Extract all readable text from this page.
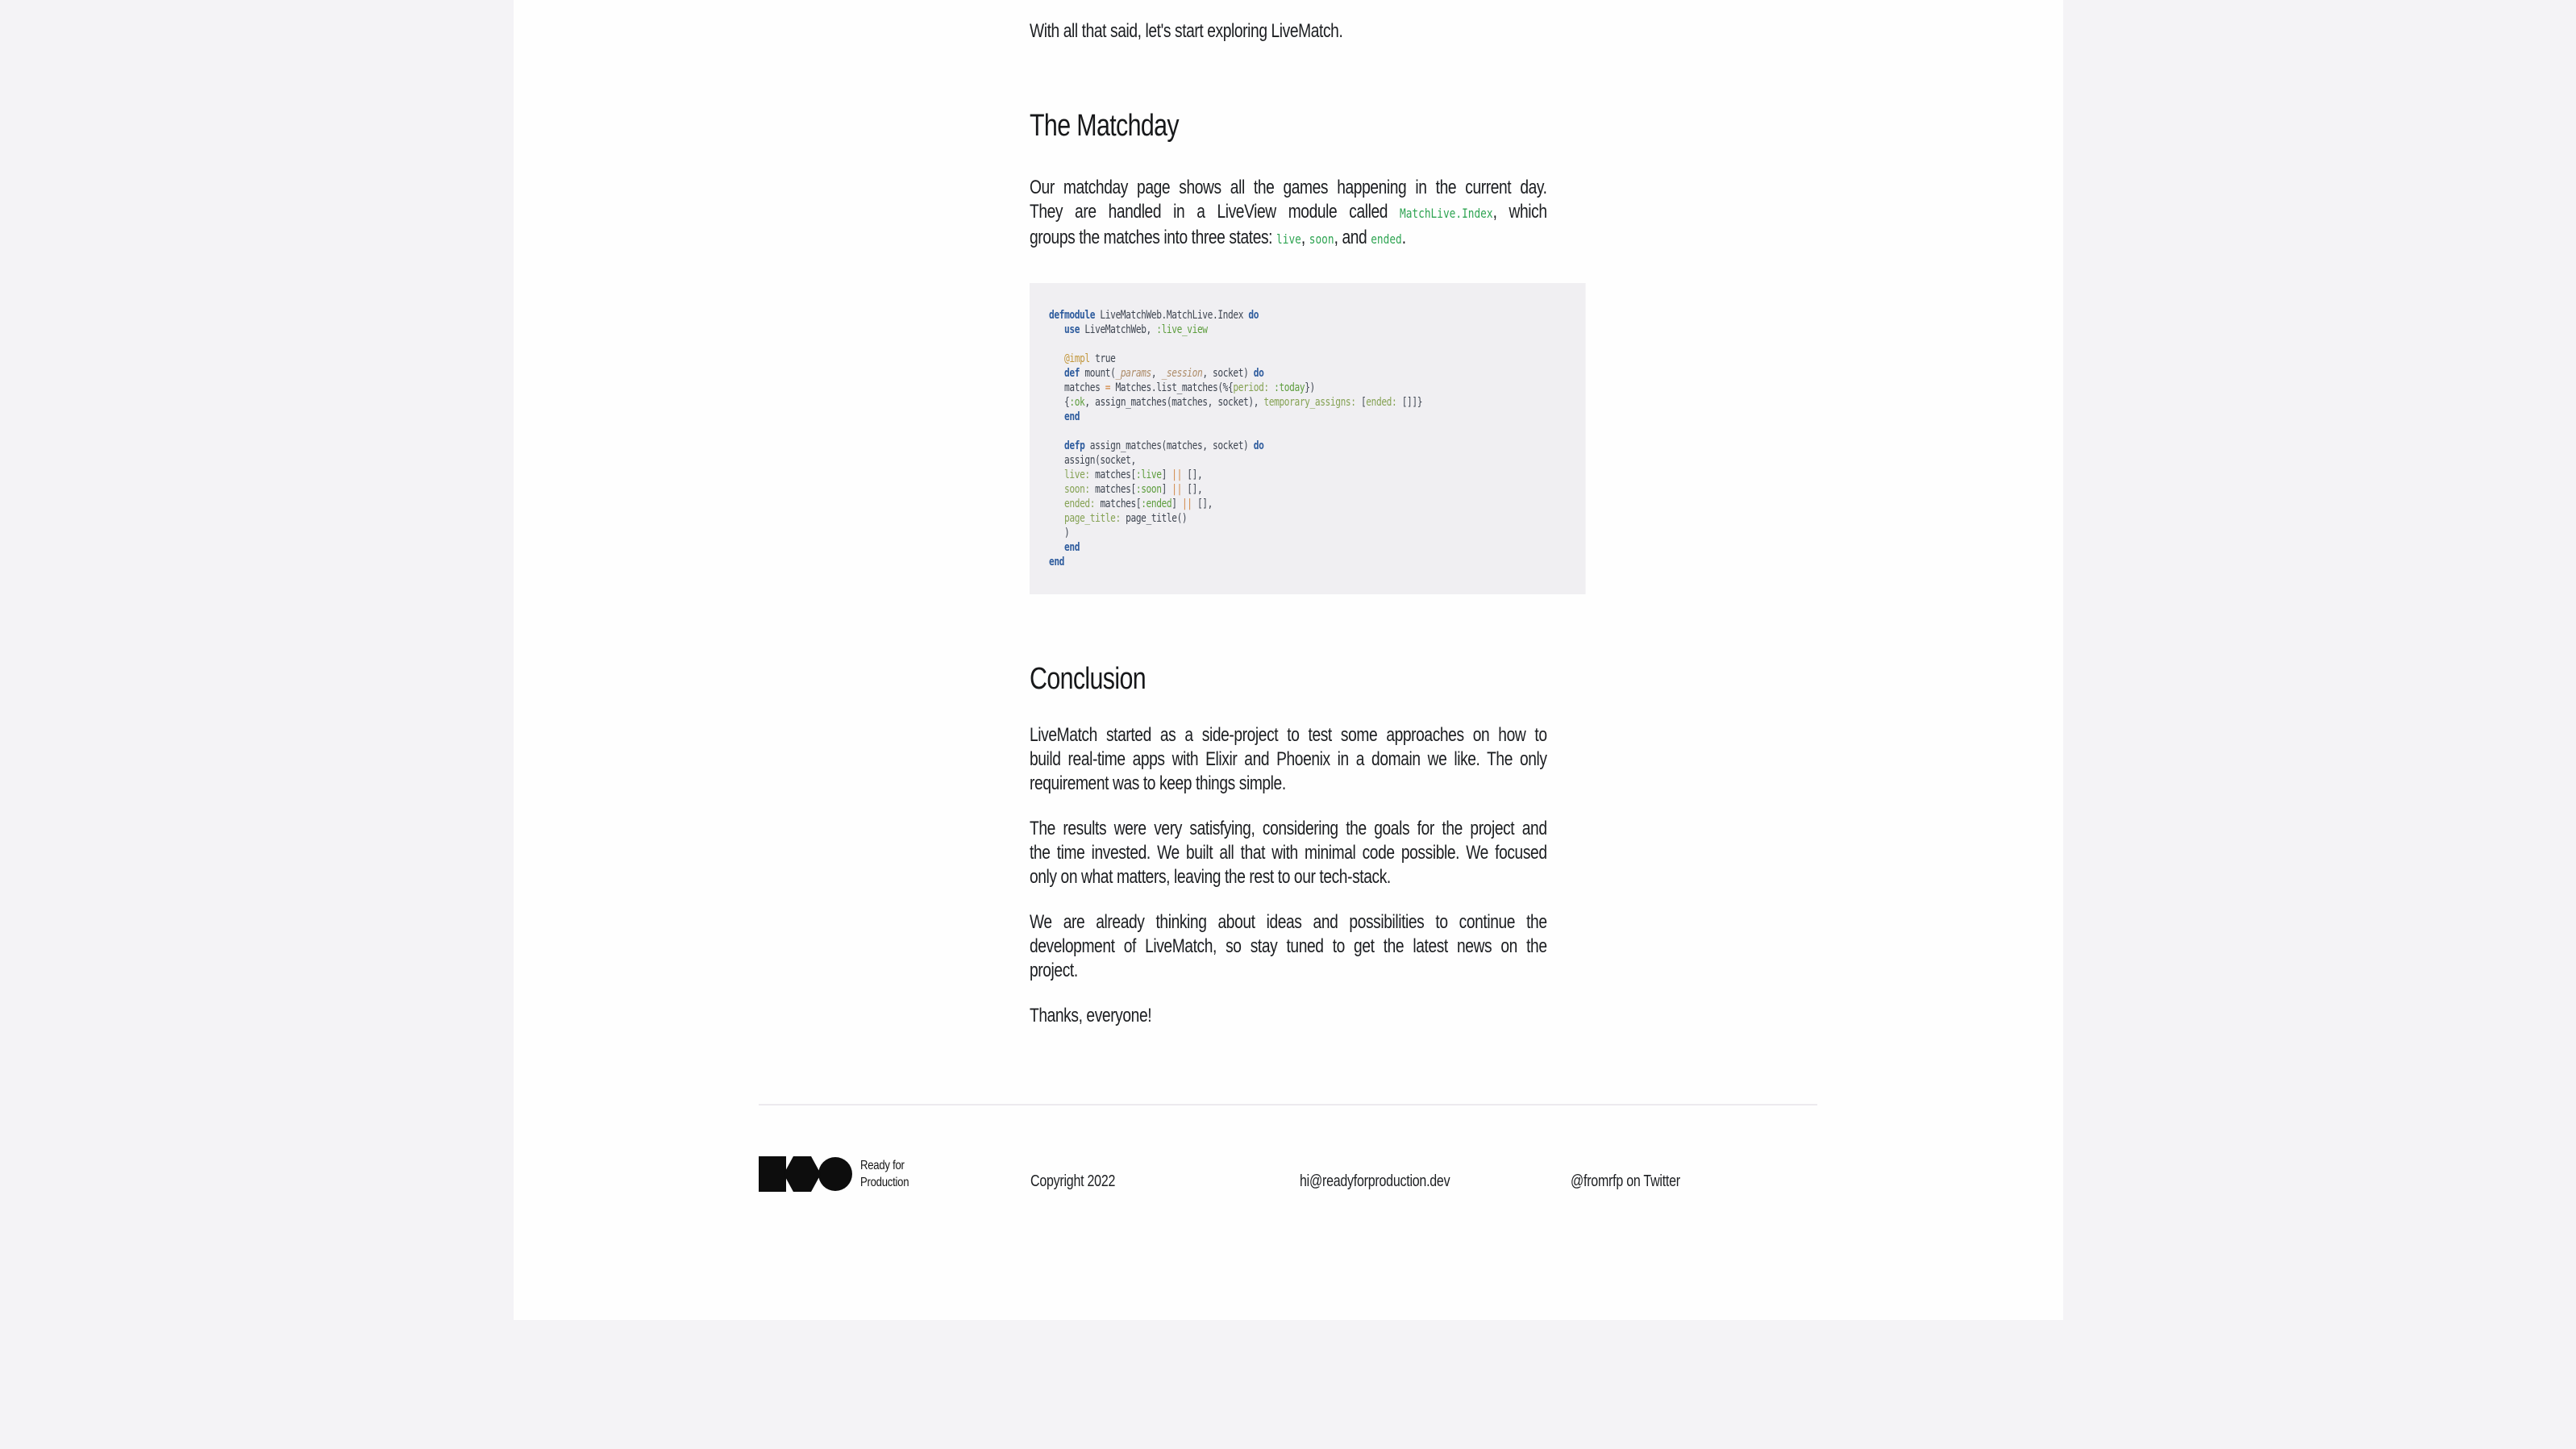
With all that said, let's start exploring LiveMatch.

The Matchday
Our matchday page shows all the games happening in the current day.
They are handled in a LiveView module called MatchLive.Index, which
groups the matches into three states: live, soon, and ended.
defmodule LiveMatchWeb.MatchLive.Index do
use LiveMatchWeb, :live_view

@impl true
def mount(_params, _session, socket) do
matches = Matches.list_matches(%{period: :today})
{:ok, assign_matches(matches, socket), temporary_assigns: [ended: []]}
end

defp assign_matches(matches, socket) do
assign(socket,
live: matches[:live] || [],
soon: matches[:soon] || [],
ended: matches[:ended] || [],
page_title: page_title()
)
end
end
Conclusion
LiveMatch started as a side-project to test some approaches on how to
build real-time apps with Elixir and Phoenix in a domain we like. The only
requirement was to keep things simple.
The results were very satisfying, considering the goals for the project and
the time invested. We built all that with minimal code possible. We focused
only on what matters, leaving the rest to our tech-stack.
We are already thinking about ideas and possibilities to continue the
development of LiveMatch, so stay tuned to get the latest news on the
project.
Thanks, everyone!
Ready for
Production	Copyright 2022	hi@readyforproduction.dev	@fromrfp on Twitter
